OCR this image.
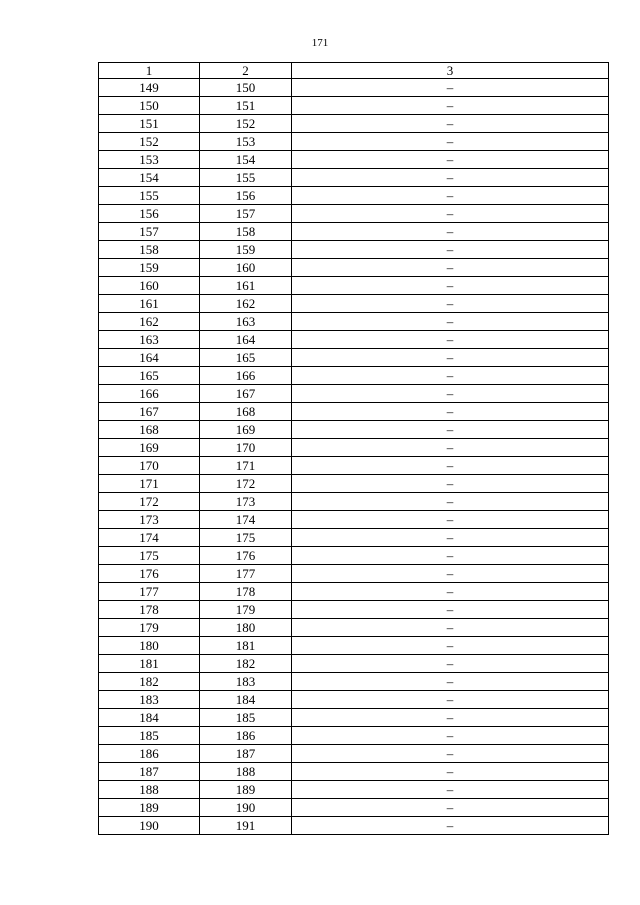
171
1	2	3
149	150	–
150	151	–
151	152	–
152	153	–
153	154	–
154	155	–
155	156	–
156	157	–
157	158	–
158	159	–
159	160	–
160	161	–
161	162	–
162	163	–
163	164	–
164	165	–
165	166	–
166	167	–
167	168	–
168	169	–
169	170	–
170	171	–
171	172	–
172	173	–
173	174	–
174	175	–
175	176	–
176	177	–
177	178	–
178	179	–
179	180	–
180	181	–
181	182	–
182	183	–
183	184	–
184	185	–
185	186	–
186	187	–
187	188	–
188	189	–
189	190	–
190	191	–
